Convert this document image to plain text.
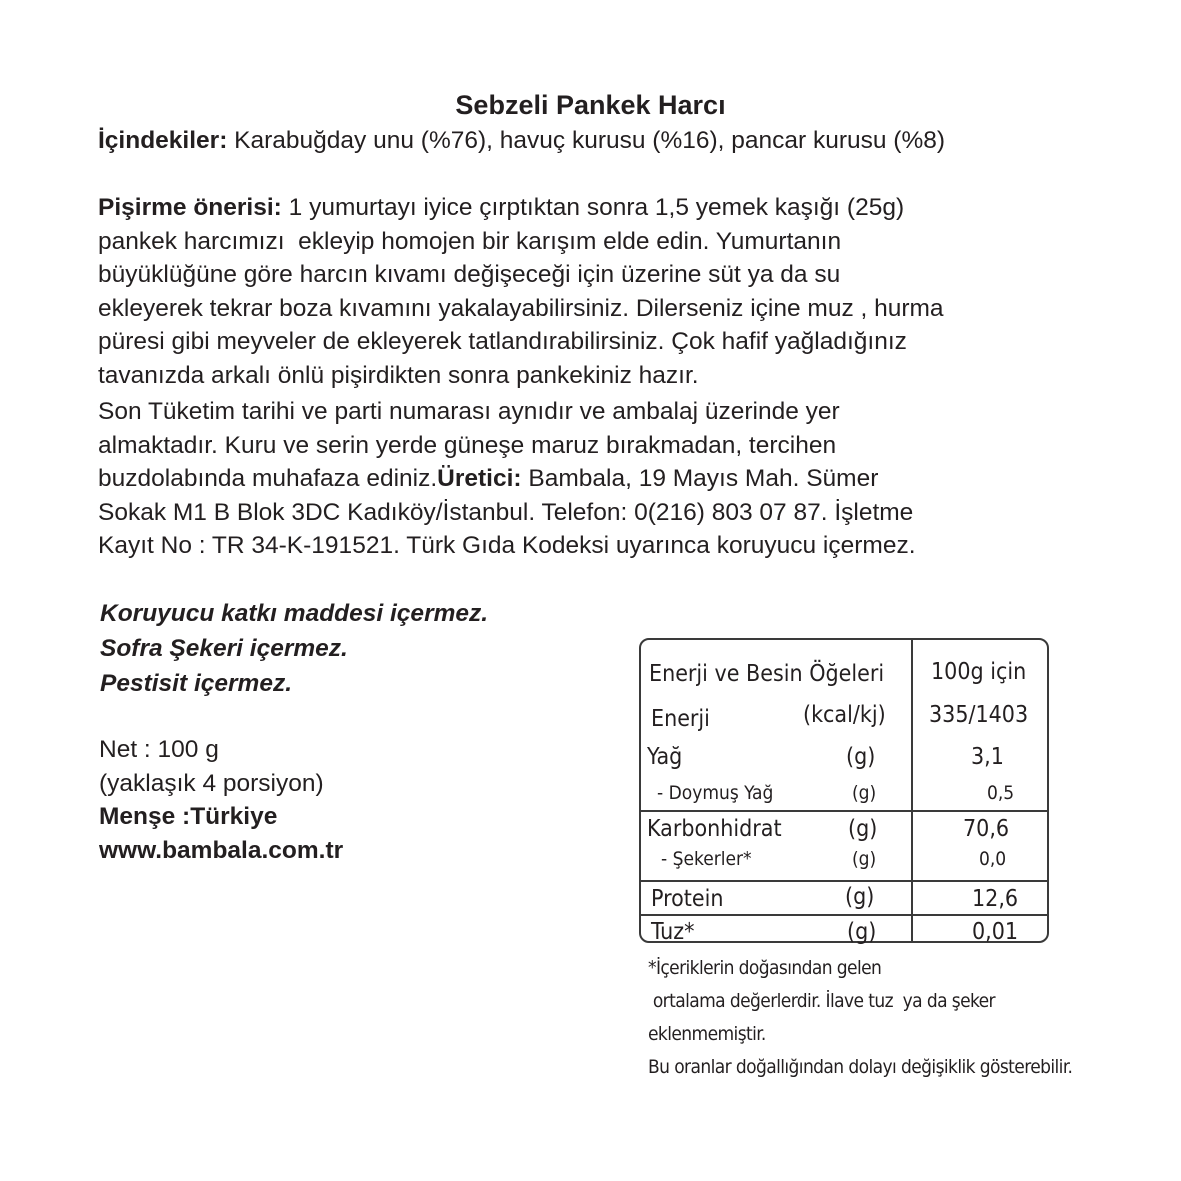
Sebzeli Pankek Harcı
İçindekiler: Karabuğday unu (%76), havuç kurusu (%16), pancar kurusu (%8)
Pişirme önerisi: 1 yumurtayı iyice çırptıktan sonra 1,5 yemek kaşığı (25g)
pankek harcımızı  ekleyip homojen bir karışım elde edin. Yumurtanın
büyüklüğüne göre harcın kıvamı değişeceği için üzerine süt ya da su
ekleyerek tekrar boza kıvamını yakalayabilirsiniz. Dilerseniz içine muz , hurma
püresi gibi meyveler de ekleyerek tatlandırabilirsiniz. Çok hafif yağladığınız
tavanızda arkalı önlü pişirdikten sonra pankekiniz hazır.
Son Tüketim tarihi ve parti numarası aynıdır ve ambalaj üzerinde yer
almaktadır. Kuru ve serin yerde güneşe maruz bırakmadan, tercihen
buzdolabında muhafaza ediniz.Üretici: Bambala, 19 Mayıs Mah. Sümer
Sokak M1 B Blok 3DC Kadıköy/İstanbul. Telefon: 0(216) 803 07 87. İşletme
Kayıt No : TR 34-K-191521. Türk Gıda Kodeksi uyarınca koruyucu içermez.
Koruyucu katkı maddesi içermez.
Sofra Şekeri içermez.
Pestisit içermez.
Net : 100 g
(yaklaşık 4 porsiyon)
Menşe :Türkiye
www.bambala.com.tr
Enerji ve Besin Öğeleri 100g için
Enerji	(kcal/kj) 335/1403
Yağ	(g)	3,1
- Doymuş Yağ	(g)	0,5
Karbonhidrat	(g)	70,6
- Şekerler*	(g)	0,0
Protein	(g)	12,6
Tuz*	(g)	0,01
*İçeriklerin doğasından gelen
ortalama değerlerdir. İlave tuz  ya da şeker
eklenmemiştir.
Bu oranlar doğallığından dolayı değişiklik gösterebilir.
